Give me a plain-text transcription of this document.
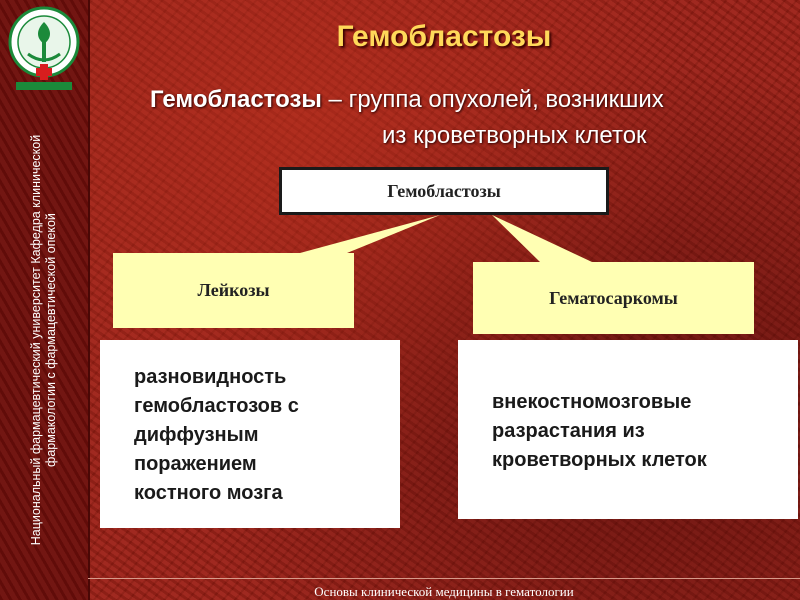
Национальный фармацевтический университет Кафедра клинической фармакологии с фармацевтической опекой
Гемобластозы
Гемобластозы – группа опухолей, возникших
из кроветворных клеток
Гемобластозы
Лейкозы	Гематосаркомы
разновидность
гемобластозов с
диффузным
поражением
костного мозга
внекостномозговые
разрастания из
кроветворных клеток
Основы клинической медицины в гематологии
